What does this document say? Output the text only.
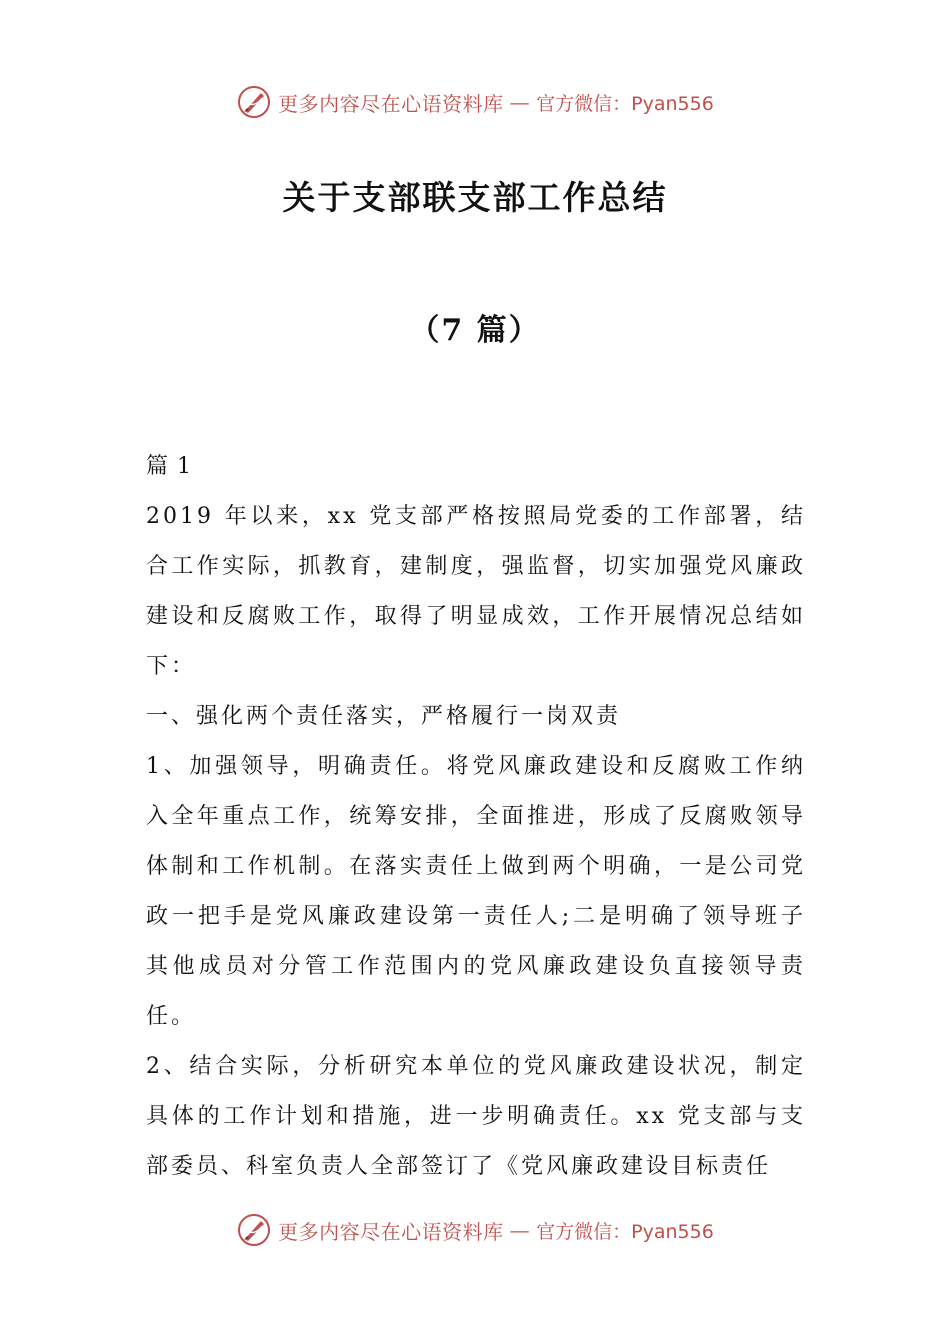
更多内容尽在心语资料库 — 官方微信：Pyan556
关于支部联支部工作总结
（7 篇）

篇 1

2019 年以来，xx 党支部严格按照局党委的工作部署，结合工作实际，抓教育，建制度，强监督，切实加强党风廉政建设和反腐败工作，取得了明显成效，工作开展情况总结如下：

一、强化两个责任落实，严格履行一岗双责

1、加强领导，明确责任。将党风廉政建设和反腐败工作纳入全年重点工作，统筹安排，全面推进，形成了反腐败领导体制和工作机制。在落实责任上做到两个明确，一是公司党政一把手是党风廉政建设第一责任人;二是明确了领导班子其他成员对分管工作范围内的党风廉政建设负直接领导责任。

2、结合实际，分析研究本单位的党风廉政建设状况，制定具体的工作计划和措施，进一步明确责任。xx 党支部与支部委员、科室负责人全部签订了《党风廉政建设目标责任

更多内容尽在心语资料库 — 官方微信：Pyan556
